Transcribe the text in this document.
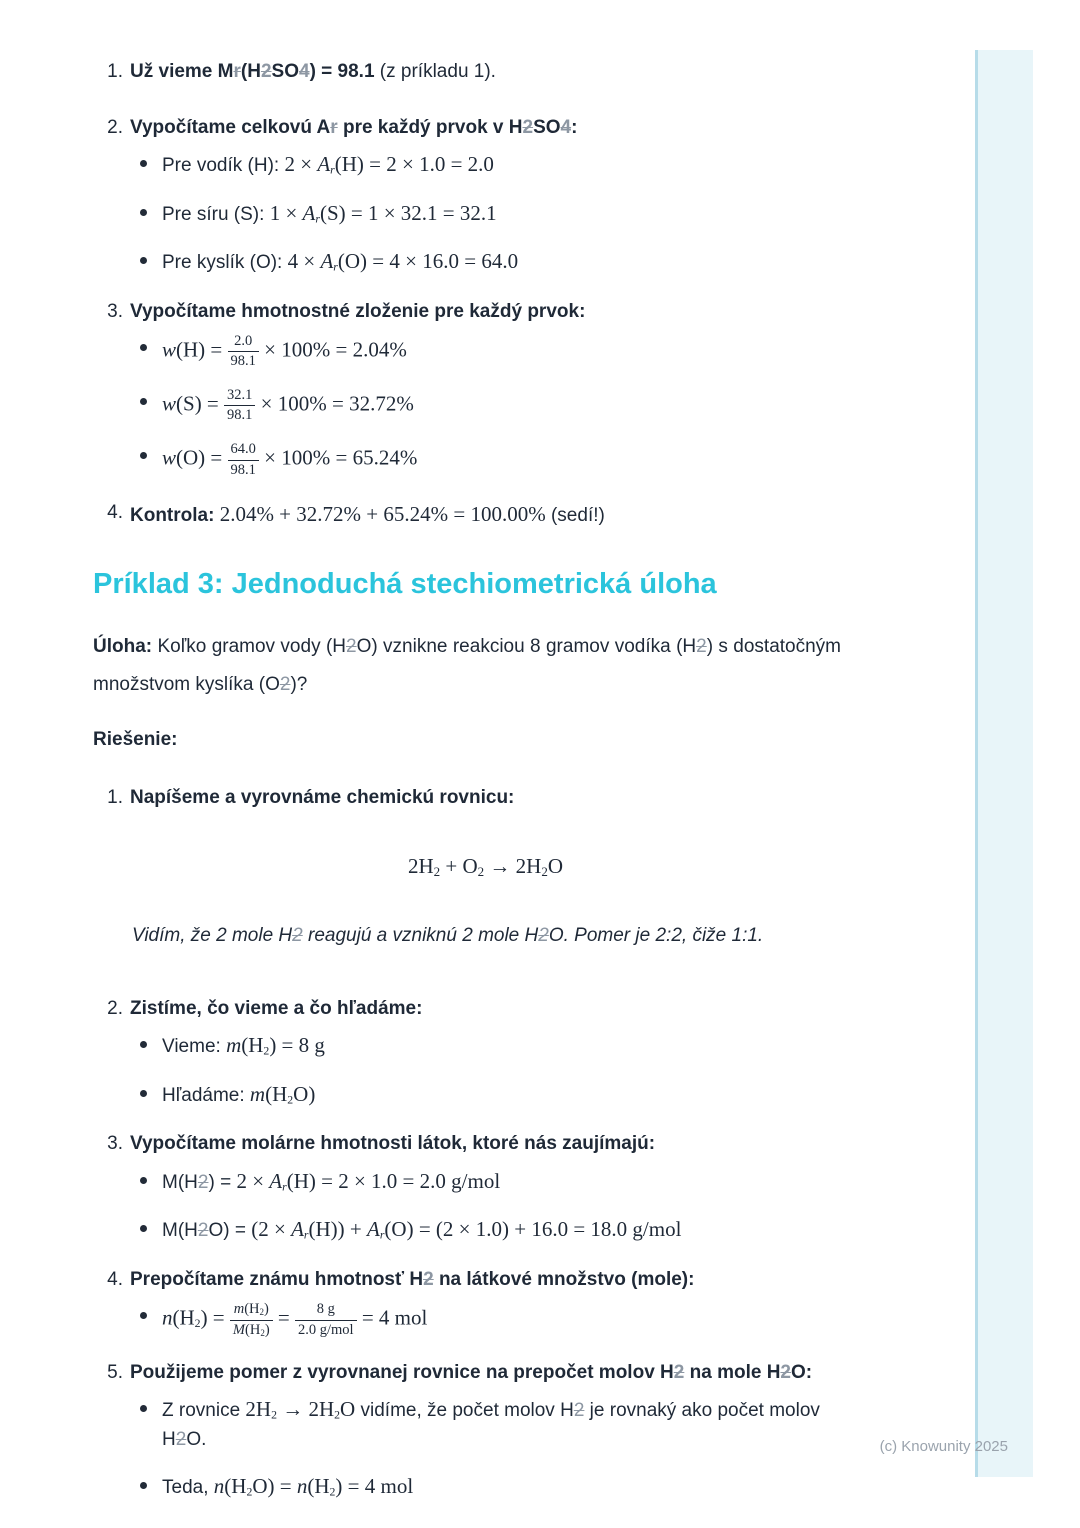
1. Už vieme Mr(H2SO4) = 98.1 (z príkladu 1).
2. Vypočítame celkovú Ar pre každý prvok v H2SO4:
Pre vodík (H): 2 × Ar(H) = 2 × 1.0 = 2.0
Pre síru (S): 1 × Ar(S) = 1 × 32.1 = 32.1
Pre kyslík (O): 4 × Ar(O) = 4 × 16.0 = 64.0
3. Vypočítame hmotnostné zloženie pre každý prvok:
$w(H) = \frac{2.0}{98.1} \times 100\% = 2.04\%$
$w(S) = \frac{32.1}{98.1} \times 100\% = 32.72\%$
$w(O) = \frac{64.0}{98.1} \times 100\% = 65.24\%$
4. Kontrola: 2.04% + 32.72% + 65.24% = 100.00% (sedí!)
Príklad 3: Jednoduchá stechiometrická úloha

Úloha: Koľko gramov vody (H2O) vznikne reakciou 8 gramov vodíka (H2) s dostatočným množstvom kyslíka (O2)?

Riešenie:

1. Napíšeme a vyrovnáme chemickú rovnicu:
2H2 + O2 → 2H2O
Vidím, že 2 mole H2 reagujú a vzniknú 2 mole H2O. Pomer je 2:2, čiže 1:1.
2. Zistíme, čo vieme a čo hľadáme:
Vieme: m(H2) = 8 g
Hľadáme: m(H2O)
3. Vypočítame molárne hmotnosti látok, ktoré nás zaujímajú:
M(H2) = 2 × Ar(H) = 2 × 1.0 = 2.0 g/mol
M(H2O) = (2 × Ar(H)) + Ar(O) = (2 × 1.0) + 16.0 = 18.0 g/mol
4. Prepočítame známu hmotnosť H2 na látkové množstvo (mole):
$n(H2) = \frac{m(H2)}{M(H2)} = \frac{8 g}{\text{2.0 g/mol}} = 4$ mol
5. Použijeme pomer z vyrovnanej rovnice na prepočet molov H2 na mole H2O:
Z rovnice 2H2 → 2H2O vidíme, že počet molov H2 je rovnaký ako počet molov H2O.
Teda, n(H2O) = n(H2) = 4 mol
(c) Knowunity 2025
